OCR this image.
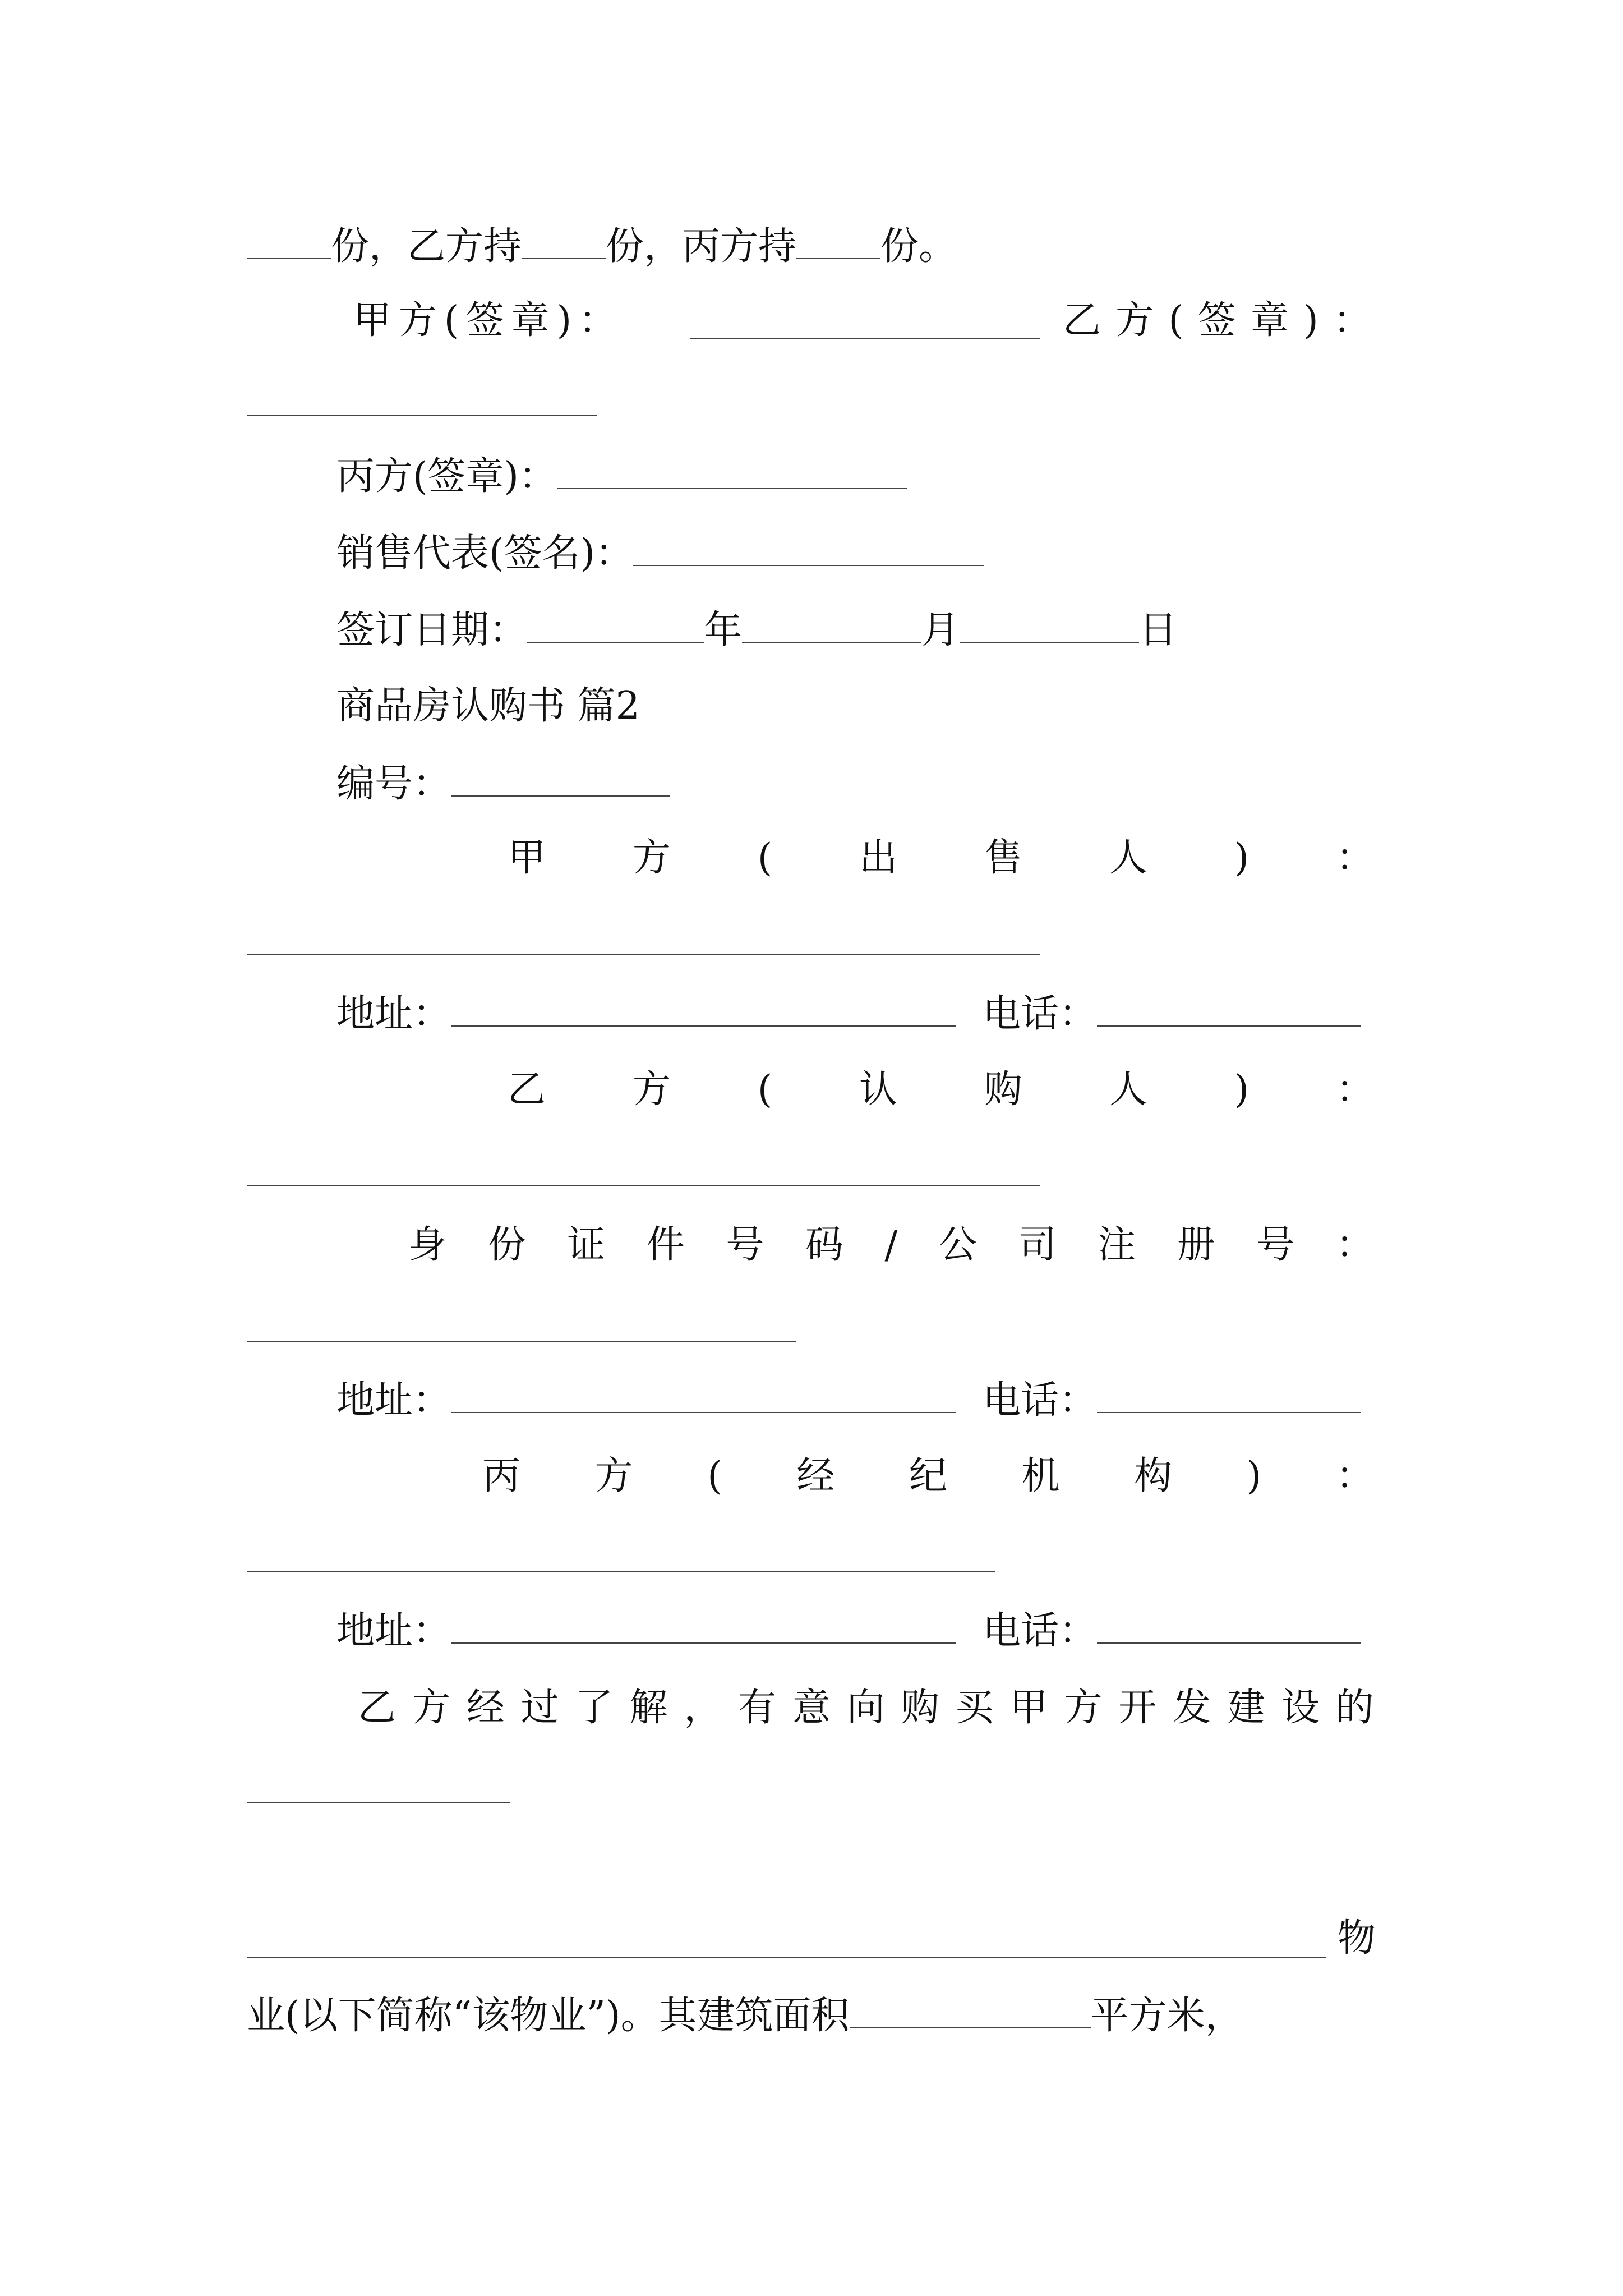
份，乙方持 份，丙方持 份。
甲 方 ( 签 章 ) ：	乙 方 ( 签 章 ) ：
丙方(签章)：
销售代表(签名)：
签订日期：	年	月	日
商品房认购书 篇2
编号：
甲 方 ( 出 售 人 ) ：
地址：	电话：
乙 方 ( 认 购 人 ) ：
身 份 证 件 号 码 / 公 司 注 册 号 ：
地址：	电话：
丙 方 ( 经 纪 机 构 ) ：
地址：	电话：
乙 方 经 过 了 解 ， 有 意 向 购 买 甲 方 开 发 建 设 的
物
业(以下简称“该物业”)。其建筑面积	平方米，
